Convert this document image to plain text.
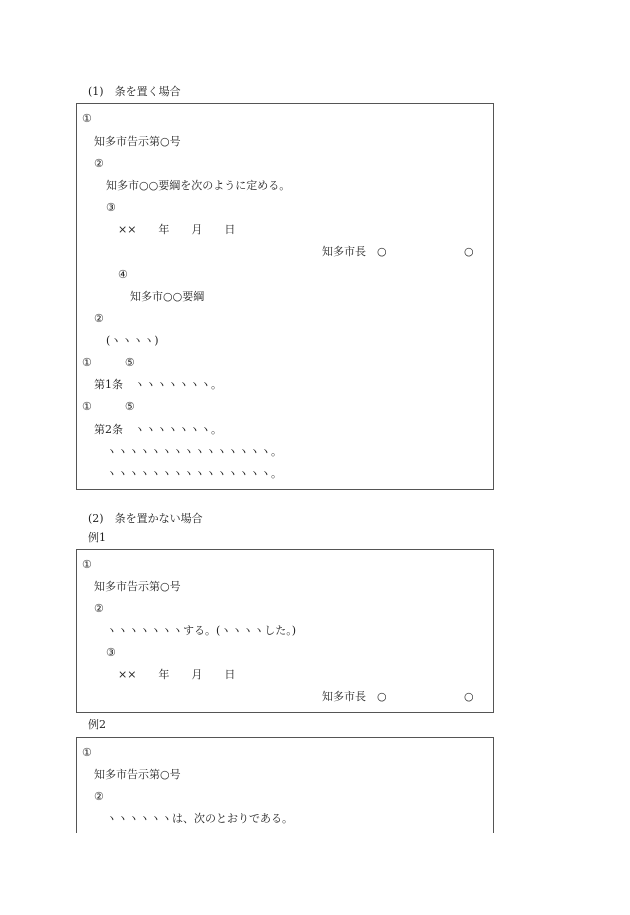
(1)　条を置く場合
①
知多市告示第○号
②
知多市○○要綱を次のように定める。
③
××　　年　　月　　日
知多市長　○	○
④
知多市○○要綱
②
(ヽヽヽヽ)
①　　　⑤
第1条　ヽヽヽヽヽヽヽ。
①　　　⑤
第2条　ヽヽヽヽヽヽヽ。
ヽヽヽヽヽヽヽヽヽヽヽヽヽヽヽ。
ヽヽヽヽヽヽヽヽヽヽヽヽヽヽヽ。
(2)　条を置かない場合
例1
①
知多市告示第○号
②
ヽヽヽヽヽヽヽする。(ヽヽヽヽした。)
③
××　　年　　月　　日
知多市長　○	○
例2
①
知多市告示第○号
②
ヽヽヽヽヽヽは、次のとおりである。
